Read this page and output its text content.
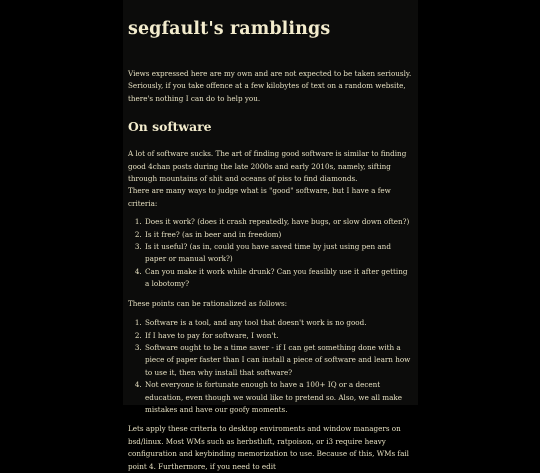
segfault's ramblings

Views expressed here are my own and are not expected to be taken seriously. Seriously, if you take offence at a few kilobytes of text on a random website, there's nothing I can do to help you.

On software

A lot of software sucks. The art of finding good software is similar to finding good 4chan posts during the late 2000s and early 2010s, namely, sifting through mountains of shit and oceans of piss to find diamonds.
There are many ways to judge what is "good" software, but I have a few criteria:

1. Does it work? (does it crash repeatedly, have bugs, or slow down often?)
2. Is it free? (as in beer and in freedom)
3. Is it useful? (as in, could you have saved time by just using pen and paper or manual work?)
4. Can you make it work while drunk? Can you feasibly use it after getting a lobotomy?

These points can be rationalized as follows:

1. Software is a tool, and any tool that doesn't work is no good.
2. If I have to pay for software, I won't.
3. Software ought to be a time saver - if I can get something done with a piece of paper faster than I can install a piece of software and learn how to use it, then why install that software?
4. Not everyone is fortunate enough to have a 100+ IQ or a decent education, even though we would like to pretend so. Also, we all make mistakes and have our goofy moments.

Lets apply these criteria to desktop enviroments and window managers on bsd/linux. Most WMs such as herbstluft, ratpoison, or i3 require heavy configuration and keybinding memorization to use. Because of this, WMs fail point 4. Furthermore, if you need to edit
